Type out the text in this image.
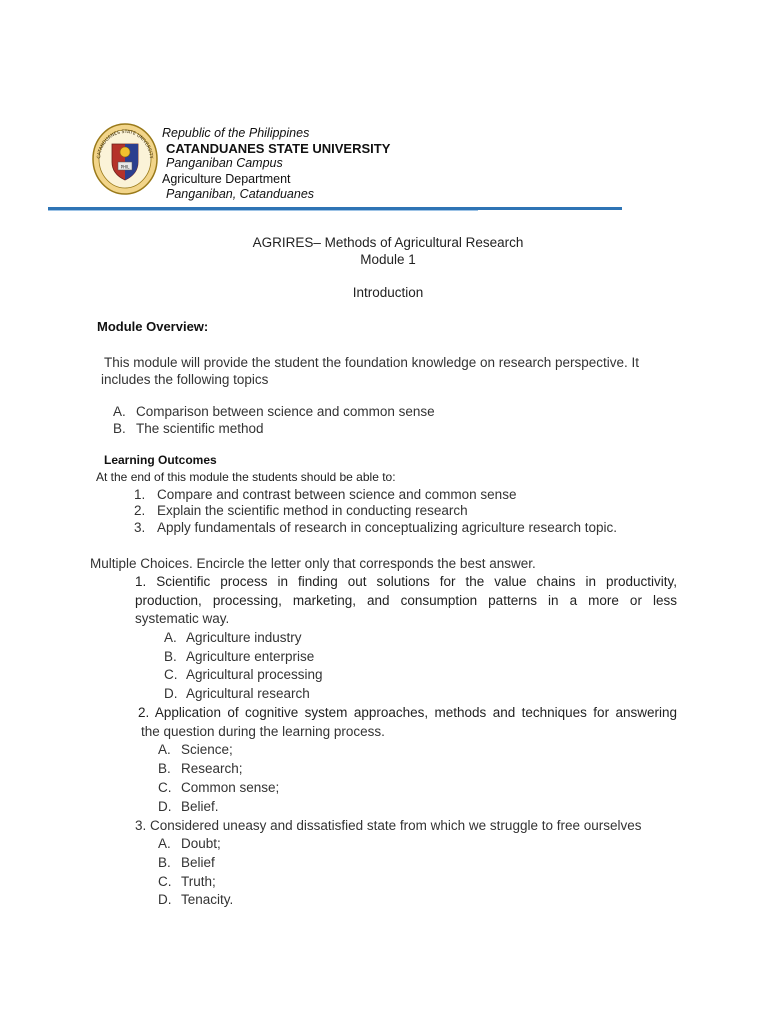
PHIL
CATANDUANES STATE UNIVERSITY
Republic of the Philippines
CATANDUANES STATE UNIVERSITY
Panganiban Campus
Agriculture Department
Panganiban, Catanduanes
AGRIRES– Methods of Agricultural Research
Module 1
Introduction
Module Overview:
This module will provide the student the foundation knowledge on research perspective. It
includes the following topics
A. Comparison between science and common sense
B. The scientific method
Learning Outcomes
At the end of this module the students should be able to:
1. Compare and contrast between science and common sense
2. Explain the scientific method in conducting research
3. Apply fundamentals of research in conceptualizing agriculture research topic.
Multiple Choices. Encircle the letter only that corresponds the best answer.
1. Scientific process in finding out solutions for the value chains in productivity,
production, processing, marketing, and consumption patterns in a more or less
systematic way.
A. Agriculture industry
B. Agriculture enterprise
C. Agricultural processing
D. Agricultural research
2. Application of cognitive system approaches, methods and techniques for answering
the question during the learning process.
A. Science;
B. Research;
C. Common sense;
D. Belief.
3. Considered uneasy and dissatisfied state from which we struggle to free ourselves
A. Doubt;
B. Belief
C. Truth;
D. Tenacity.
